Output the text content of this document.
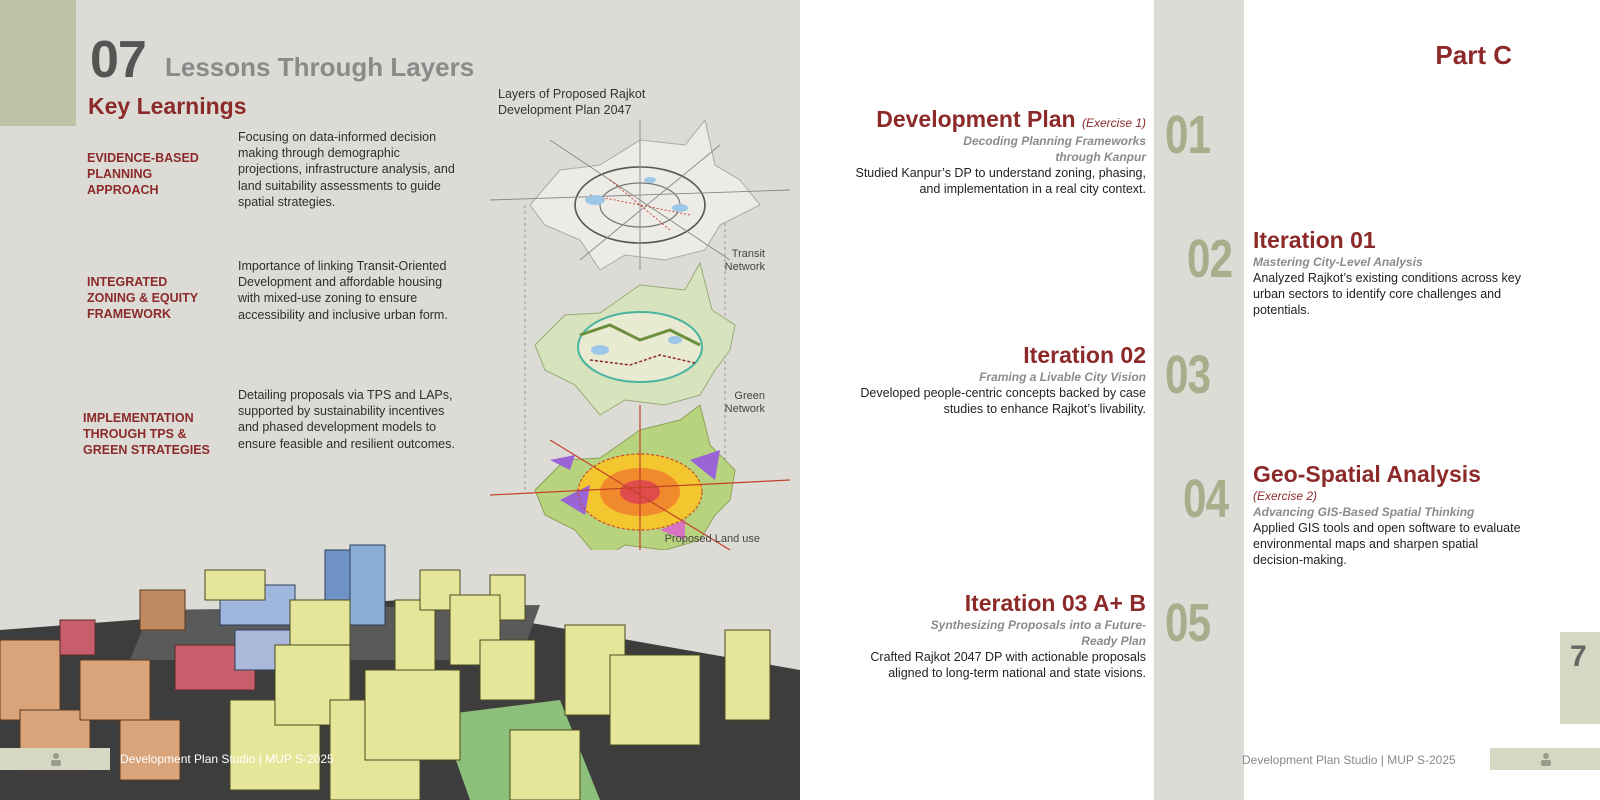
07 Lessons Through Layers
Key Learnings
EVIDENCE-BASED
PLANNING
APPROACH
Focusing on data-informed decision making through demographic projections, infrastructure analysis, and land suitability assessments to guide spatial strategies.
INTEGRATED
ZONING & EQUITY
FRAMEWORK
Importance of linking Transit-Oriented Development and affordable housing with mixed-use zoning to ensure accessibility and inclusive urban form.
IMPLEMENTATION
THROUGH TPS &
GREEN STRATEGIES
Detailing proposals via TPS and LAPs, supported by sustainability incentives and phased development models to ensure feasible and resilient outcomes.
Layers of Proposed Rajkot Development Plan 2047
Transit
Network
Green
Network
Proposed Land use
Development Plan Studio | MUP S-2025
Part C
01
02
03
04
05
Development Plan (Exercise 1)
Decoding Planning Frameworks through Kanpur
Studied Kanpur’s DP to understand zoning, phasing, and implementation in a real city context.
Iteration 01
Mastering City-Level Analysis
Analyzed Rajkot’s existing conditions across key urban sectors to identify core challenges and potentials.
Iteration 02
Framing a Livable City Vision
Developed people-centric concepts backed by case studies to enhance Rajkot’s livability.
Geo-Spatial Analysis
(Exercise 2)
Advancing GIS-Based Spatial Thinking
Applied GIS tools and open software to evaluate environmental maps and sharpen spatial decision-making.
Iteration 03 A+ B
Synthesizing Proposals into a Future-Ready Plan
Crafted Rajkot 2047 DP with actionable proposals aligned to long-term national and state visions.
7
Development Plan Studio | MUP S-2025
